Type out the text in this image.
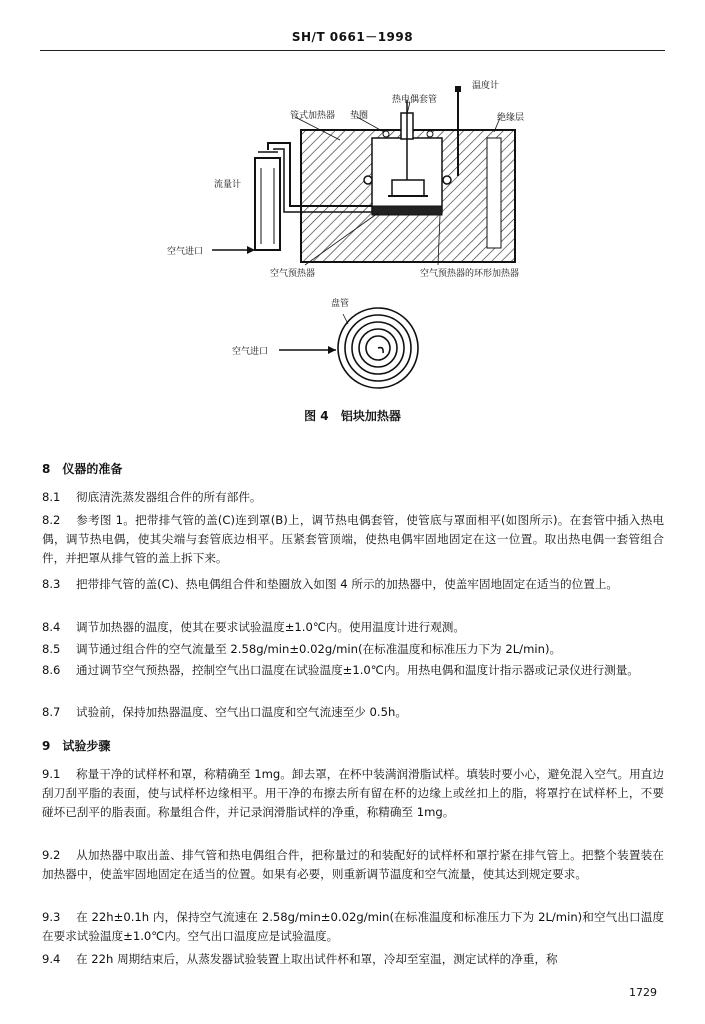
SH/T 0661－1998
温度计
热电偶套管
管式加热器 垫圈	绝缘层
流量计
空气进口
空气预热器	空气预热器的环形加热器
盘管
空气进口
图 4 铝块加热器
8　仪器的准备
8.1 彻底清洗蒸发器组合件的所有部件。
8.2 参考图 1。把带排气管的盖(C)连到罩(B)上，调节热电偶套管，使管底与罩面相平(如图所示)。在套管中插入热电偶，调节热电偶，使其尖端与套管底边相平。压紧套管顶端，使热电偶牢固地固定在这一位置。取出热电偶一套管组合件，并把罩从排气管的盖上拆下来。
8.3 把带排气管的盖(C)、热电偶组合件和垫圈放入如图 4 所示的加热器中，使盖牢固地固定在适当的位置上。
8.4 调节加热器的温度，使其在要求试验温度±1.0℃内。使用温度计进行观测。
8.5 调节通过组合件的空气流量至 2.58g/min±0.02g/min(在标准温度和标准压力下为 2L/min)。
8.6 通过调节空气预热器，控制空气出口温度在试验温度±1.0℃内。用热电偶和温度计指示器或记录仪进行测量。
8.7 试验前，保持加热器温度、空气出口温度和空气流速至少 0.5h。
9　试验步骤
9.1 称量干净的试样杯和罩，称精确至 1mg。卸去罩，在杯中装满润滑脂试样。填装时要小心，避免混入空气。用直边刮刀刮平脂的表面，使与试样杯边缘相平。用干净的布擦去所有留在杯的边缘上或丝扣上的脂，将罩拧在试样杯上，不要碰坏已刮平的脂表面。称量组合件，并记录润滑脂试样的净重，称精确至 1mg。
9.2 从加热器中取出盖、排气管和热电偶组合件，把称量过的和装配好的试样杯和罩拧紧在排气管上。把整个装置装在加热器中，使盖牢固地固定在适当的位置。如果有必要，则重新调节温度和空气流量，使其达到规定要求。
9.3 在 22h±0.1h 内，保持空气流速在 2.58g/min±0.02g/min(在标准温度和标准压力下为 2L/min)和空气出口温度在要求试验温度±1.0℃内。空气出口温度应是试验温度。
9.4 在 22h 周期结束后，从蒸发器试验装置上取出试件杯和罩，冷却至室温，测定试样的净重，称
1729
